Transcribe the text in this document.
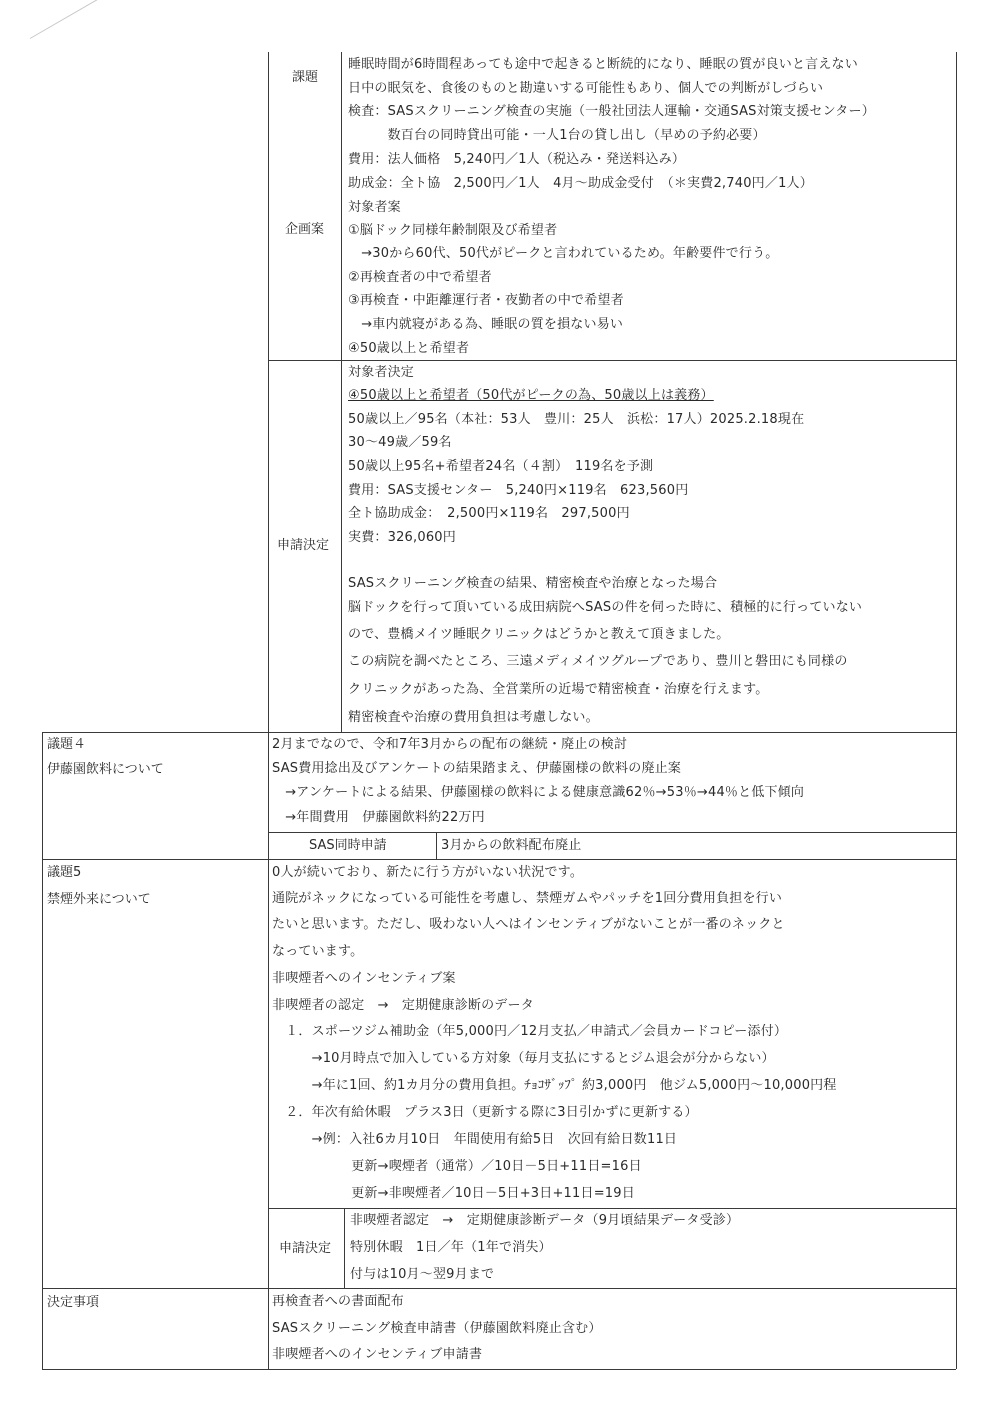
課題
睡眠時間が6時間程あっても途中で起きると断続的になり、睡眠の質が良いと言えない
日中の眠気を、食後のものと勘違いする可能性もあり、個人での判断がしづらい
企画案
検査：SASスクリーニング検査の実施（一般社団法人運輸・交通SAS対策支援センター）
　　　数百台の同時貸出可能・一人1台の貸し出し（早めの予約必要）
費用：法人価格　5,240円／1人（税込み・発送料込み）
助成金：全ト協　2,500円／1人　4月～助成金受付　（＊実費2,740円／1人）
対象者案
①脳ドック同様年齢制限及び希望者
　→30から60代、50代がピークと言われているため。年齢要件で行う。
②再検査者の中で希望者
③再検査・中距離運行者・夜勤者の中で希望者
　→車内就寝がある為、睡眠の質を損ない易い
④50歳以上と希望者
申請決定
対象者決定
④50歳以上と希望者（50代がピークの為、50歳以上は義務）
50歳以上／95名（本社：53人　豊川：25人　浜松：17人）2025.2.18現在
30～49歳／59名
50歳以上95名+希望者24名（４割）　119名を予測
費用：SAS支援センター　5,240円×119名　623,560円
全ト協助成金：　2,500円×119名　297,500円
実費：326,060円
SASスクリーニング検査の結果、精密検査や治療となった場合
脳ドックを行って頂いている成田病院へSASの件を伺った時に、積極的に行っていない
ので、豊橋メイツ睡眠クリニックはどうかと教えて頂きました。
この病院を調べたところ、三遠メディメイツグループであり、豊川と磐田にも同様の
クリニックがあった為、全営業所の近場で精密検査・治療を行えます。
精密検査や治療の費用負担は考慮しない。
議題４
伊藤園飲料について
2月までなので、令和7年3月からの配布の継続・廃止の検討
SAS費用捻出及びアンケートの結果踏まえ、伊藤園様の飲料の廃止案
　→アンケートによる結果、伊藤園様の飲料による健康意識62％→53％→44％と低下傾向
　→年間費用　伊藤園飲料約22万円
SAS同時申請	3月からの飲料配布廃止
議題5
禁煙外来について
0人が続いており、新たに行う方がいない状況です。
通院がネックになっている可能性を考慮し、禁煙ガムやパッチを1回分費用負担を行い
たいと思います。ただし、吸わない人へはインセンティブがないことが一番のネックと
なっています。
非喫煙者へのインセンティブ案
非喫煙者の認定　→　定期健康診断のデータ
　１．スポーツジム補助金（年5,000円／12月支払／申請式／会員カードコピー添付）
　　　→10月時点で加入している方対象（毎月支払にするとジム退会が分からない）
　　　→年に1回、約1カ月分の費用負担。ﾁｮｺｻﾞｯﾌﾟ 約3,000円　他ジム5,000円～10,000円程
　２．年次有給休暇　プラス3日（更新する際に3日引かずに更新する）
　　　→例：入社6カ月10日　年間使用有給5日　次回有給日数11日
　　　　　　更新→喫煙者（通常）／10日－5日+11日=16日
　　　　　　更新→非喫煙者／10日－5日+3日+11日=19日
申請決定
非喫煙者認定　→　定期健康診断データ（9月頃結果データ受診）
特別休暇　1日／年（1年で消失）
付与は10月～翌9月まで
決定事項	再検査者への書面配布
SASスクリーニング検査申請書（伊藤園飲料廃止含む）
非喫煙者へのインセンティブ申請書
